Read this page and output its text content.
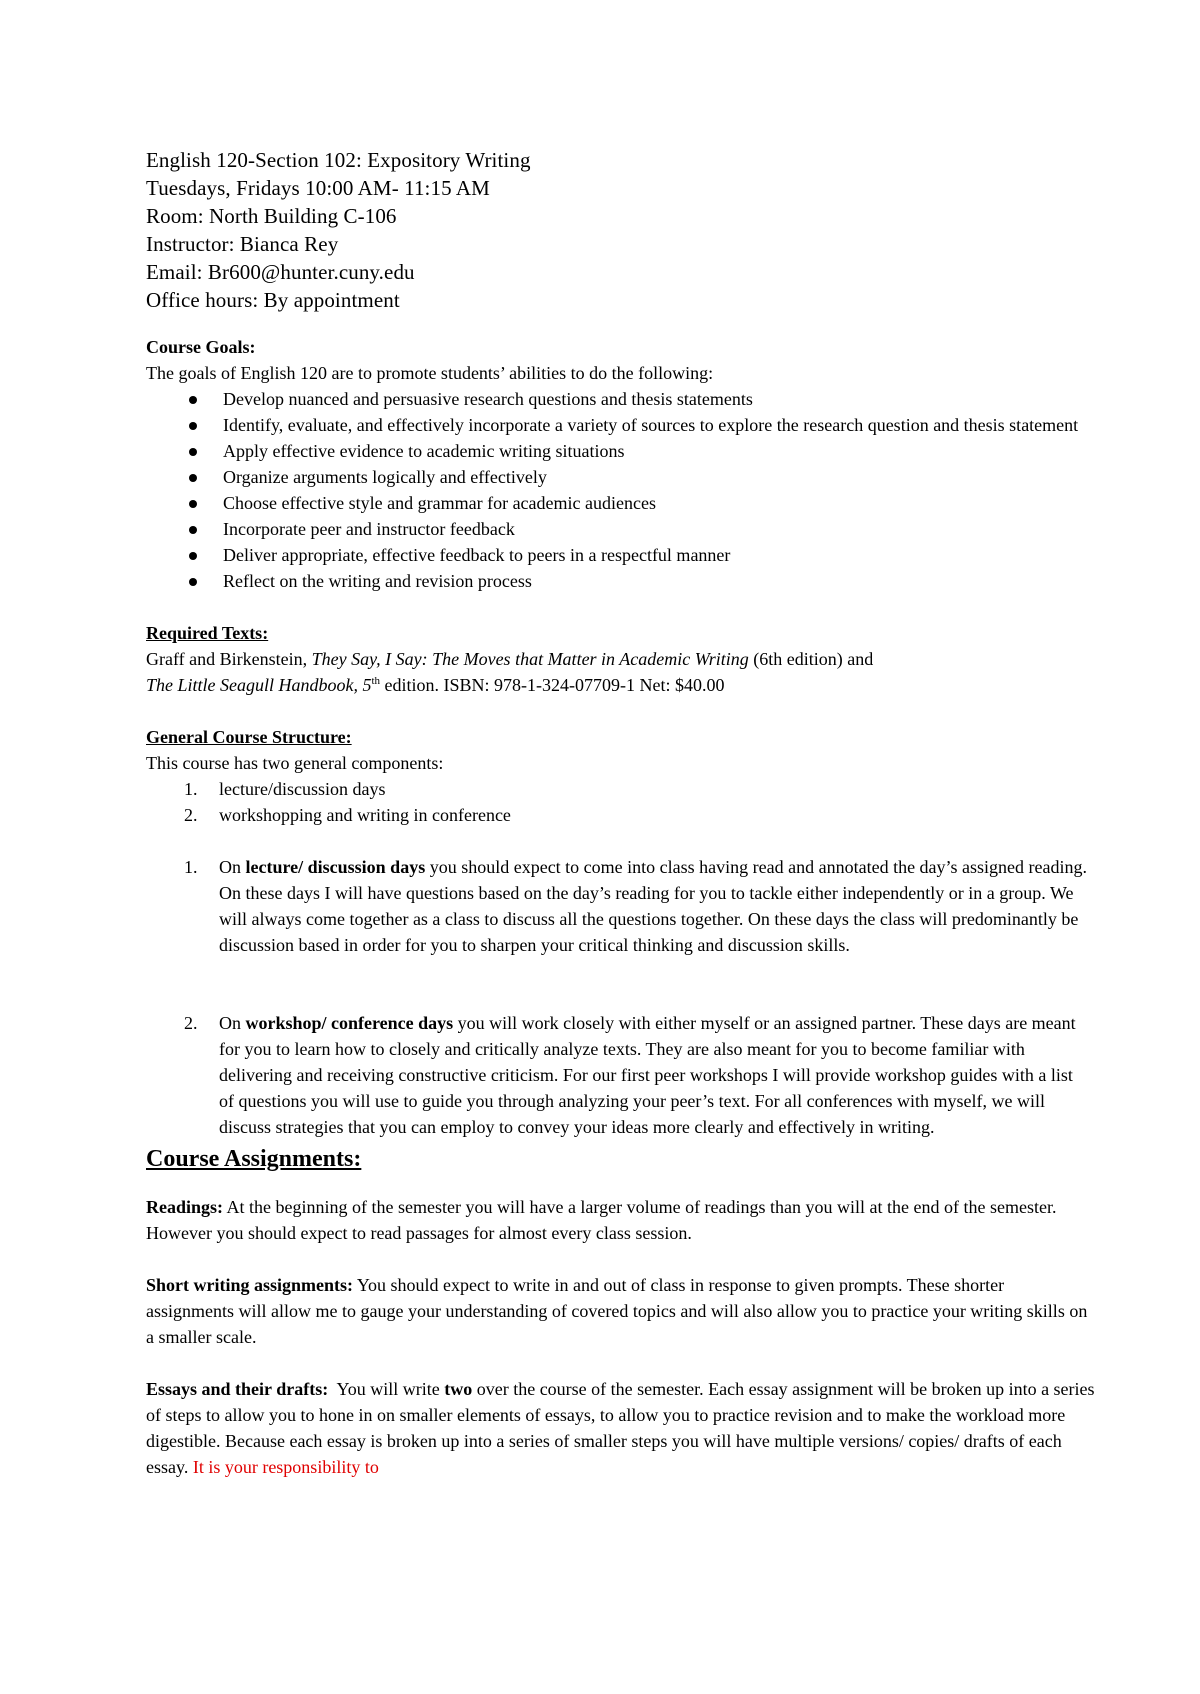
English 120-Section 102: Expository Writing
Tuesdays, Fridays 10:00 AM- 11:15 AM
Room: North Building C-106
Instructor: Bianca Rey
Email: Br600@hunter.cuny.edu
Office hours: By appointment
Course Goals:
The goals of English 120 are to promote students’ abilities to do the following:
Develop nuanced and persuasive research questions and thesis statements
Identify, evaluate, and effectively incorporate a variety of sources to explore the research question and thesis statement
Apply effective evidence to academic writing situations
Organize arguments logically and effectively
Choose effective style and grammar for academic audiences
Incorporate peer and instructor feedback
Deliver appropriate, effective feedback to peers in a respectful manner
Reflect on the writing and revision process
Required Texts:
Graff and Birkenstein, They Say, I Say: The Moves that Matter in Academic Writing (6th edition) and
The Little Seagull Handbook, 5th edition. ISBN: 978-1-324-07709-1 Net: $40.00
General Course Structure:
This course has two general components:
1. lecture/discussion days
2. workshopping and writing in conference
1. On lecture/ discussion days you should expect to come into class having read and annotated the day’s assigned reading. On these days I will have questions based on the day’s reading for you to tackle either independently or in a group. We will always come together as a class to discuss all the questions together. On these days the class will predominantly be discussion based in order for you to sharpen your critical thinking and discussion skills.
2. On workshop/ conference days you will work closely with either myself or an assigned partner. These days are meant for you to learn how to closely and critically analyze texts. They are also meant for you to become familiar with delivering and receiving constructive criticism. For our first peer workshops I will provide workshop guides with a list of questions you will use to guide you through analyzing your peer’s text. For all conferences with myself, we will discuss strategies that you can employ to convey your ideas more clearly and effectively in writing.
Course Assignments:
Readings: At the beginning of the semester you will have a larger volume of readings than you will at the end of the semester. However you should expect to read passages for almost every class session.
Short writing assignments: You should expect to write in and out of class in response to given prompts. These shorter assignments will allow me to gauge your understanding of covered topics and will also allow you to practice your writing skills on a smaller scale.
Essays and their drafts:  You will write two over the course of the semester. Each essay assignment will be broken up into a series of steps to allow you to hone in on smaller elements of essays, to allow you to practice revision and to make the workload more digestible. Because each essay is broken up into a series of smaller steps you will have multiple versions/ copies/ drafts of each essay. It is your responsibility to
